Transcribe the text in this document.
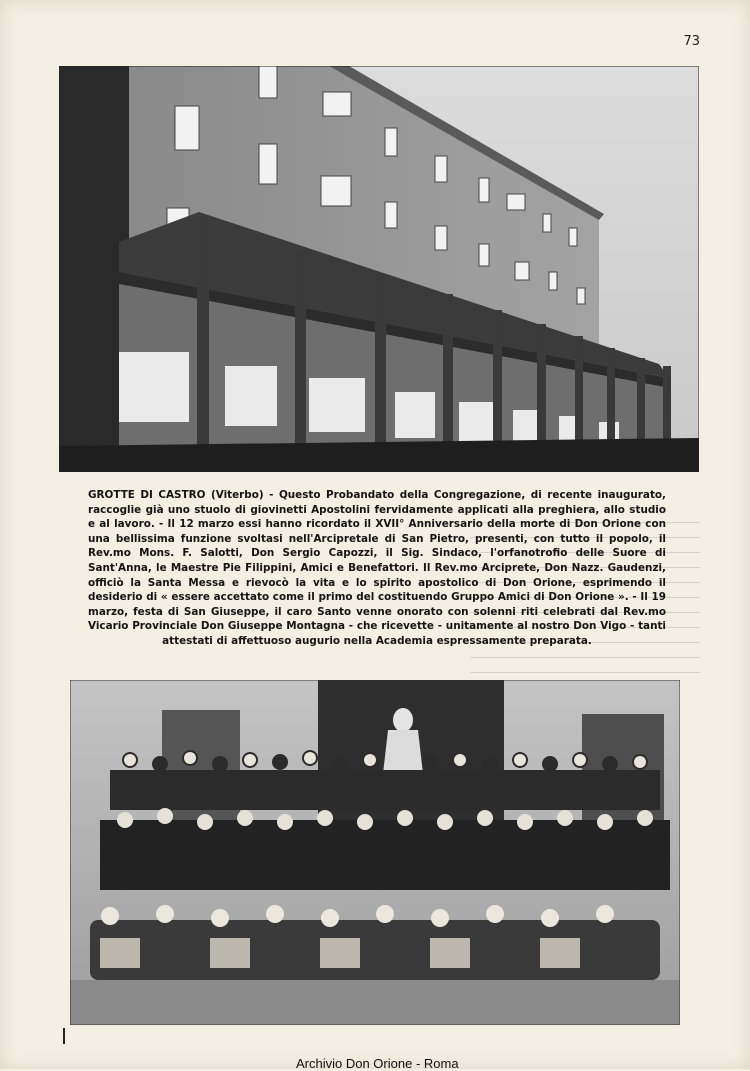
73

GROTTE DI CASTRO (Viterbo) - Questo Probandato della Congregazione, di recente inaugurato, raccoglie già uno stuolo di giovinetti Apostolini fervidamente applicati alla preghiera, allo studio e al lavoro. - Il 12 marzo essi hanno ricordato il XVII° Anniversario della morte di Don Orione con una bellissima funzione svoltasi nell'Arcipretale di San Pietro, presenti, con tutto il popolo, il Rev.mo Mons. F. Salotti, Don Sergio Capozzi, il Sig. Sindaco, l'orfanotrofio delle Suore di Sant'Anna, le Maestre Pie Filippini, Amici e Benefattori. Il Rev.mo Arciprete, Don Nazz. Gaudenzi, officiò la Santa Messa e rievocò la vita e lo spirito apostolico di Don Orione, esprimendo il desiderio di « essere accettato come il primo del costituendo Gruppo Amici di Don Orione ». - Il 19 marzo, festa di San Giuseppe, il caro Santo venne onorato con solenni riti celebrati dal Rev.mo Vicario Provinciale Don Giuseppe Montagna - che ricevette - unitamente al nostro Don Vigo - tanti attestati di affettuoso augurio nella Academia espressamente preparata.
Archivio Don Orione - Roma
